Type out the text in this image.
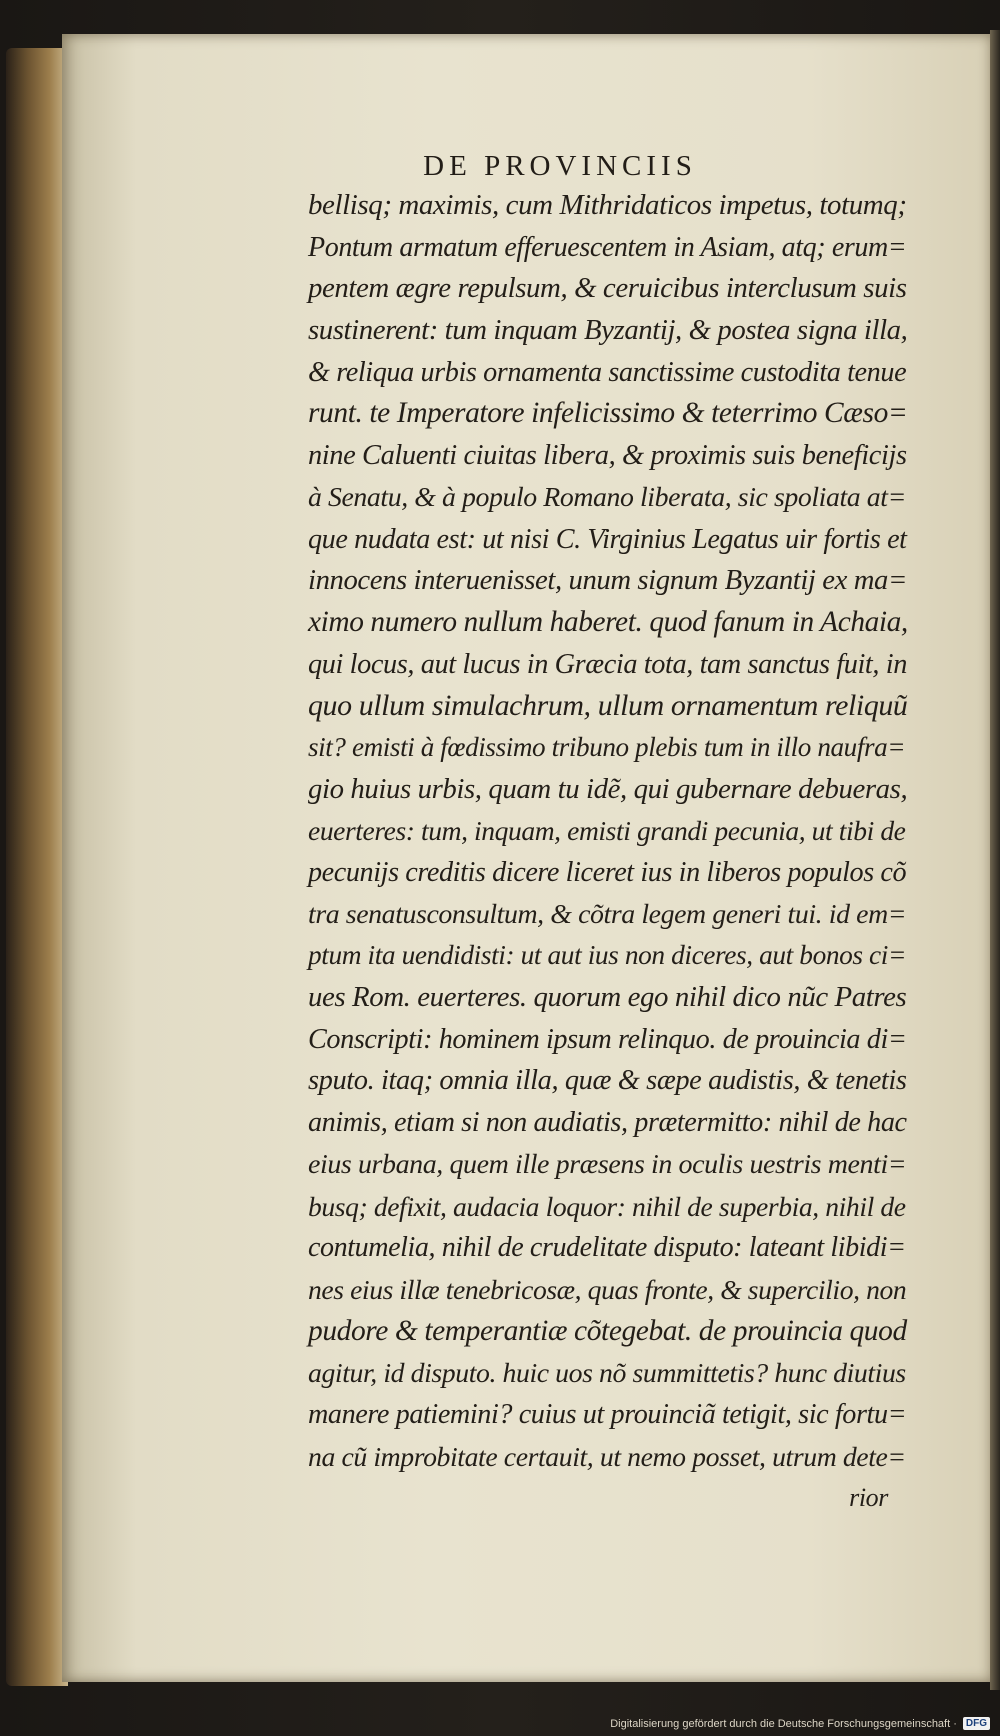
DE PROVINCIIS
bellisq; maximis, cum Mithridaticos impetus, totumq;
Pontum armatum efferuescentem in Asiam, atq; erum=
pentem ægre repulsum, & ceruicibus interclusum suis
sustinerent: tum inquam Byzantij, & postea signa illa,
& reliqua urbis ornamenta sanctissime custodita tenue
runt. te Imperatore infelicissimo & teterrimo Cæso=
nine Caluenti ciuitas libera, & proximis suis beneficijs
à Senatu, & à populo Romano liberata, sic spoliata at=
que nudata est: ut nisi C. Virginius Legatus uir fortis et
innocens interuenisset, unum signum Byzantij ex ma=
ximo numero nullum haberet. quod fanum in Achaia,
qui locus, aut lucus in Græcia tota, tam sanctus fuit, in
quo ullum simulachrum, ullum ornamentum reliquũ
sit? emisti à fœdissimo tribuno plebis tum in illo naufra=
gio huius urbis, quam tu idẽ, qui gubernare debueras,
euerteres: tum, inquam, emisti grandi pecunia, ut tibi de
pecunijs creditis dicere liceret ius in liberos populos cõ
tra senatusconsultum, & cõtra legem generi tui. id em=
ptum ita uendidisti: ut aut ius non diceres, aut bonos ci=
ues Rom. euerteres. quorum ego nihil dico nũc Patres
Conscripti: hominem ipsum relinquo. de prouincia di=
sputo. itaq; omnia illa, quæ & sæpe audistis, & tenetis
animis, etiam si non audiatis, prætermitto: nihil de hac
eius urbana, quem ille præsens in oculis uestris menti=
busq; defixit, audacia loquor: nihil de superbia, nihil de
contumelia, nihil de crudelitate disputo: lateant libidi=
nes eius illæ tenebricosæ, quas fronte, & supercilio, non
pudore & temperantiæ cõtegebat. de prouincia quod
agitur, id disputo. huic uos nõ summittetis? hunc diutius
manere patiemini? cuius ut prouinciã tetigit, sic fortu=
na cũ improbitate certauit, ut nemo posset, utrum dete=
rior
Digitalisierung gefördert durch die Deutsche Forschungsgemeinschaft · DFG
